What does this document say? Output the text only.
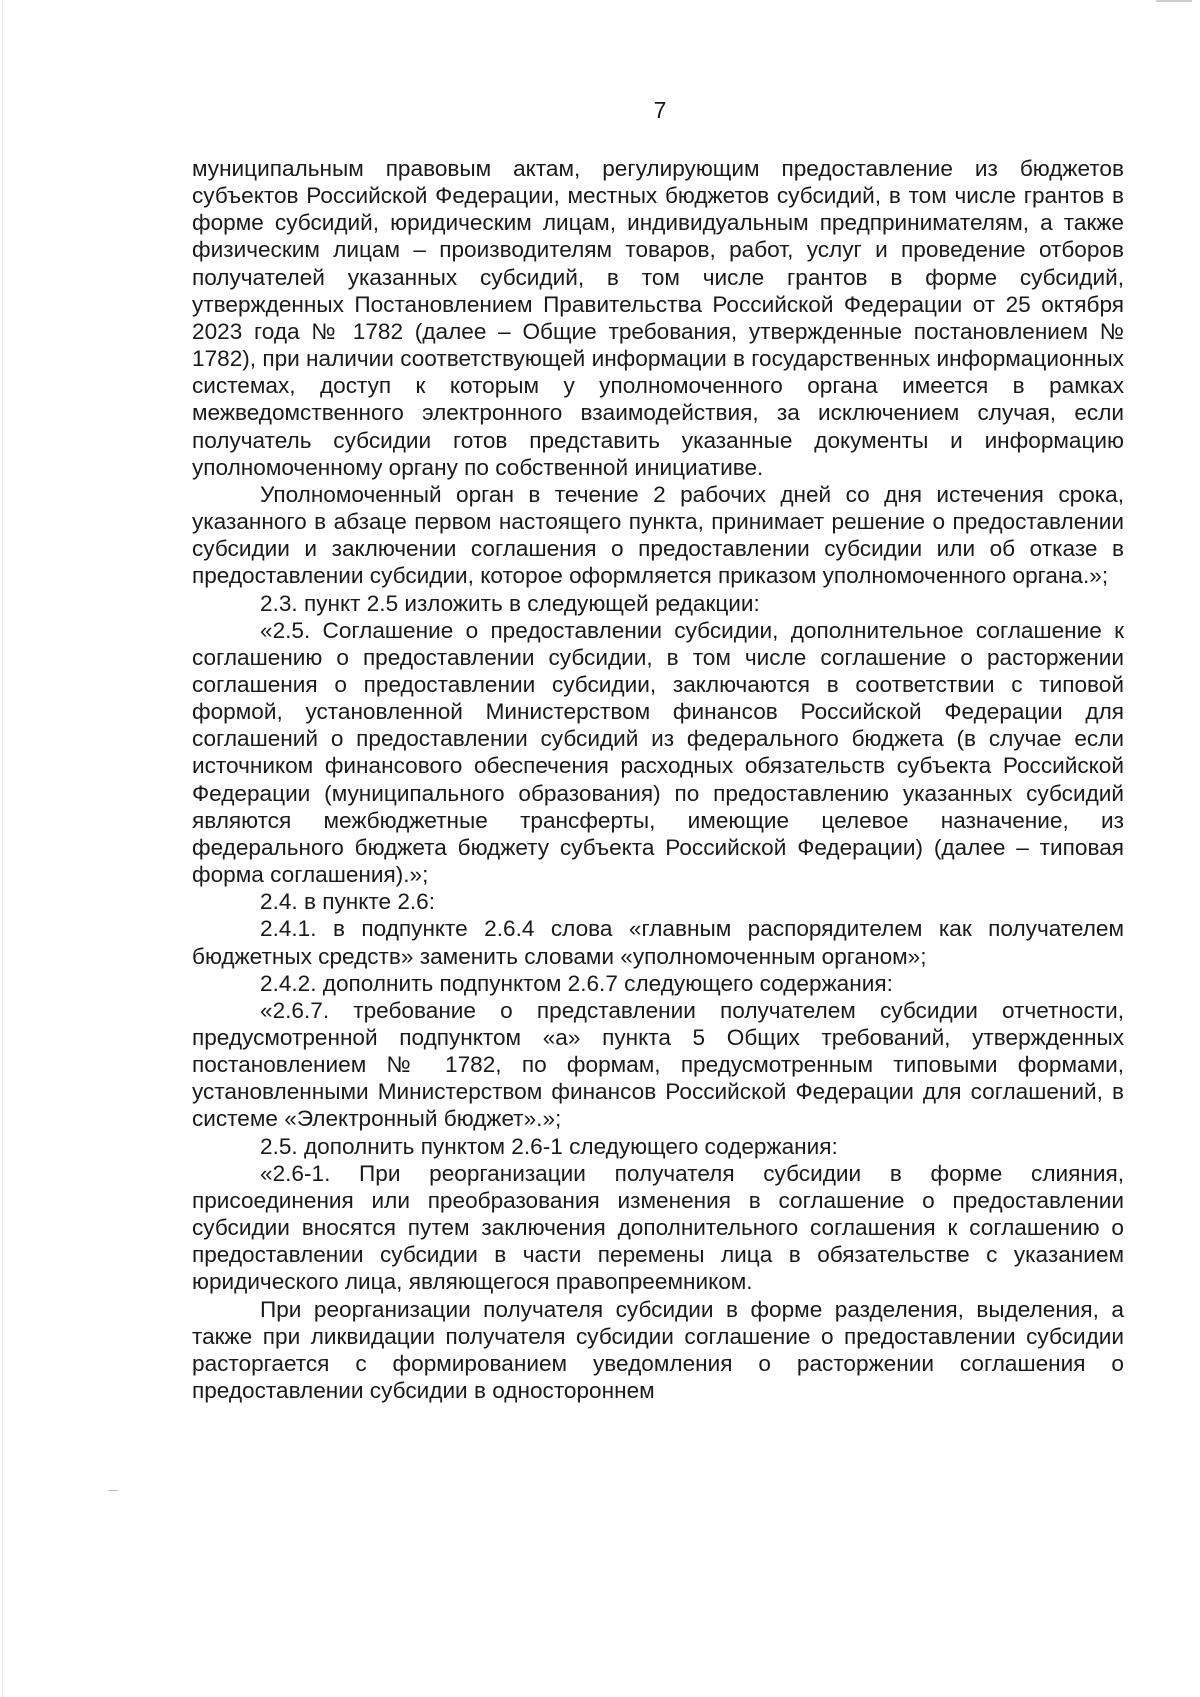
7

муниципальным правовым актам, регулирующим предоставление из бюджетов субъектов Российской Федерации, местных бюджетов субсидий, в том числе грантов в форме субсидий, юридическим лицам, индивидуальным предпринимателям, а также физическим лицам – производителям товаров, работ, услуг и проведение отборов получателей указанных субсидий, в том числе грантов в форме субсидий, утвержденных Постановлением Правительства Российской Федерации от 25 октября 2023 года № 1782 (далее – Общие требования, утвержденные постановлением № 1782), при наличии соответствующей информации в государственных информационных системах, доступ к которым у уполномоченного органа имеется в рамках межведомственного электронного взаимодействия, за исключением случая, если получатель субсидии готов представить указанные документы и информацию уполномоченному органу по собственной инициативе.

Уполномоченный орган в течение 2 рабочих дней со дня истечения срока, указанного в абзаце первом настоящего пункта, принимает решение о предоставлении субсидии и заключении соглашения о предоставлении субсидии или об отказе в предоставлении субсидии, которое оформляется приказом уполномоченного органа.»;

2.3. пункт 2.5 изложить в следующей редакции:

«2.5. Соглашение о предоставлении субсидии, дополнительное соглашение к соглашению о предоставлении субсидии, в том числе соглашение о расторжении соглашения о предоставлении субсидии, заключаются в соответствии с типовой формой, установленной Министерством финансов Российской Федерации для соглашений о предоставлении субсидий из федерального бюджета (в случае если источником финансового обеспечения расходных обязательств субъекта Российской Федерации (муниципального образования) по предоставлению указанных субсидий являются межбюджетные трансферты, имеющие целевое назначение, из федерального бюджета бюджету субъекта Российской Федерации) (далее – типовая форма соглашения).»;

2.4. в пункте 2.6:

2.4.1. в подпункте 2.6.4 слова «главным распорядителем как получателем бюджетных средств» заменить словами «уполномоченным органом»;

2.4.2. дополнить подпунктом 2.6.7 следующего содержания:

«2.6.7. требование о представлении получателем субсидии отчетности, предусмотренной подпунктом «а» пункта 5 Общих требований, утвержденных постановлением № 1782, по формам, предусмотренным типовыми формами, установленными Министерством финансов Российской Федерации для соглашений, в системе «Электронный бюджет».»;

2.5. дополнить пунктом 2.6-1 следующего содержания:

«2.6-1. При реорганизации получателя субсидии в форме слияния, присоединения или преобразования изменения в соглашение о предоставлении субсидии вносятся путем заключения дополнительного соглашения к соглашению о предоставлении субсидии в части перемены лица в обязательстве с указанием юридического лица, являющегося правопреемником.

При реорганизации получателя субсидии в форме разделения, выделения, а также при ликвидации получателя субсидии соглашение о предоставлении субсидии расторгается с формированием уведомления о расторжении соглашения о предоставлении субсидии в одностороннем
